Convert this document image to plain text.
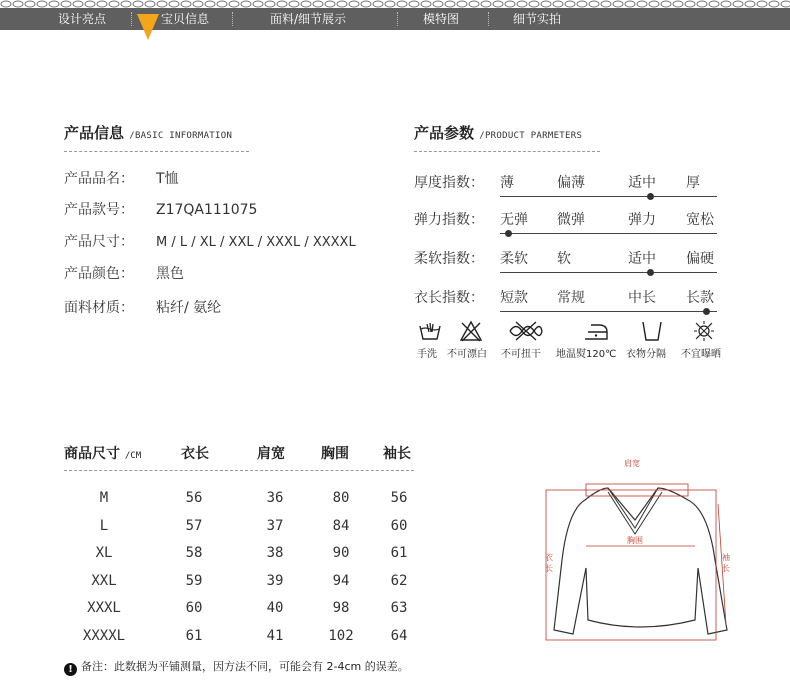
设计亮点	宝贝信息	面料/细节展示	模特图	细节实拍
产品信息 /BASIC INFORMATION
产品品名： T恤
产品款号： Z17QA111075
产品尺寸： M / L / XL / XXL / XXXL / XXXXL
产品颜色： 黑色
面料材质： 粘纤/ 氨纶
产品参数 /PRODUCT PARMETERS
厚度指数： 薄	偏薄	适中 厚
弹力指数： 无弹 微弹	弹力 宽松
柔软指数： 柔软 软	适中 偏硬
衣长指数： 短款 常规	中长 长款
手洗 不可漂白 不可扭干 地温熨120℃ 衣物分隔 不宜曝晒
商品尺寸 /CM	衣长	肩宽	胸围 袖长
M	56	36	80	56
L	57	37	84	60
XL	58	38	90	61
XXL	59	39	94	62
XXXL	60	40	98	63
XXXXL	61	41	102	64
肩宽
胸围
衣长
袖长
! 备注：此数据为平铺测量，因方法不同，可能会有 2-4cm 的误差。
